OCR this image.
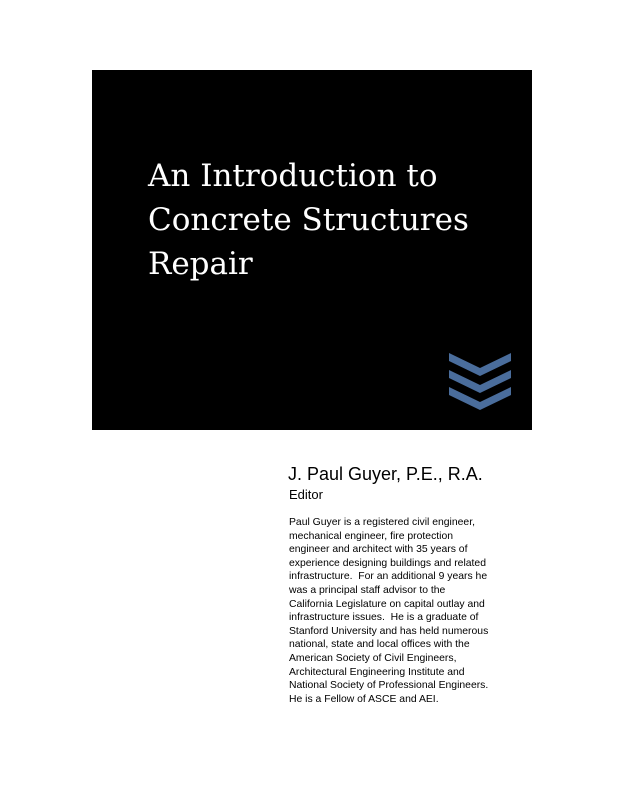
An Introduction to
Concrete Structures
Repair

J. Paul Guyer, P.E., R.A.

Editor

Paul Guyer is a registered civil engineer,
mechanical engineer, fire protection
engineer and architect with 35 years of
experience designing buildings and related
infrastructure.  For an additional 9 years he
was a principal staff advisor to the
California Legislature on capital outlay and
infrastructure issues.  He is a graduate of
Stanford University and has held numerous
national, state and local offices with the
American Society of Civil Engineers,
Architectural Engineering Institute and
National Society of Professional Engineers.
He is a Fellow of ASCE and AEI.
